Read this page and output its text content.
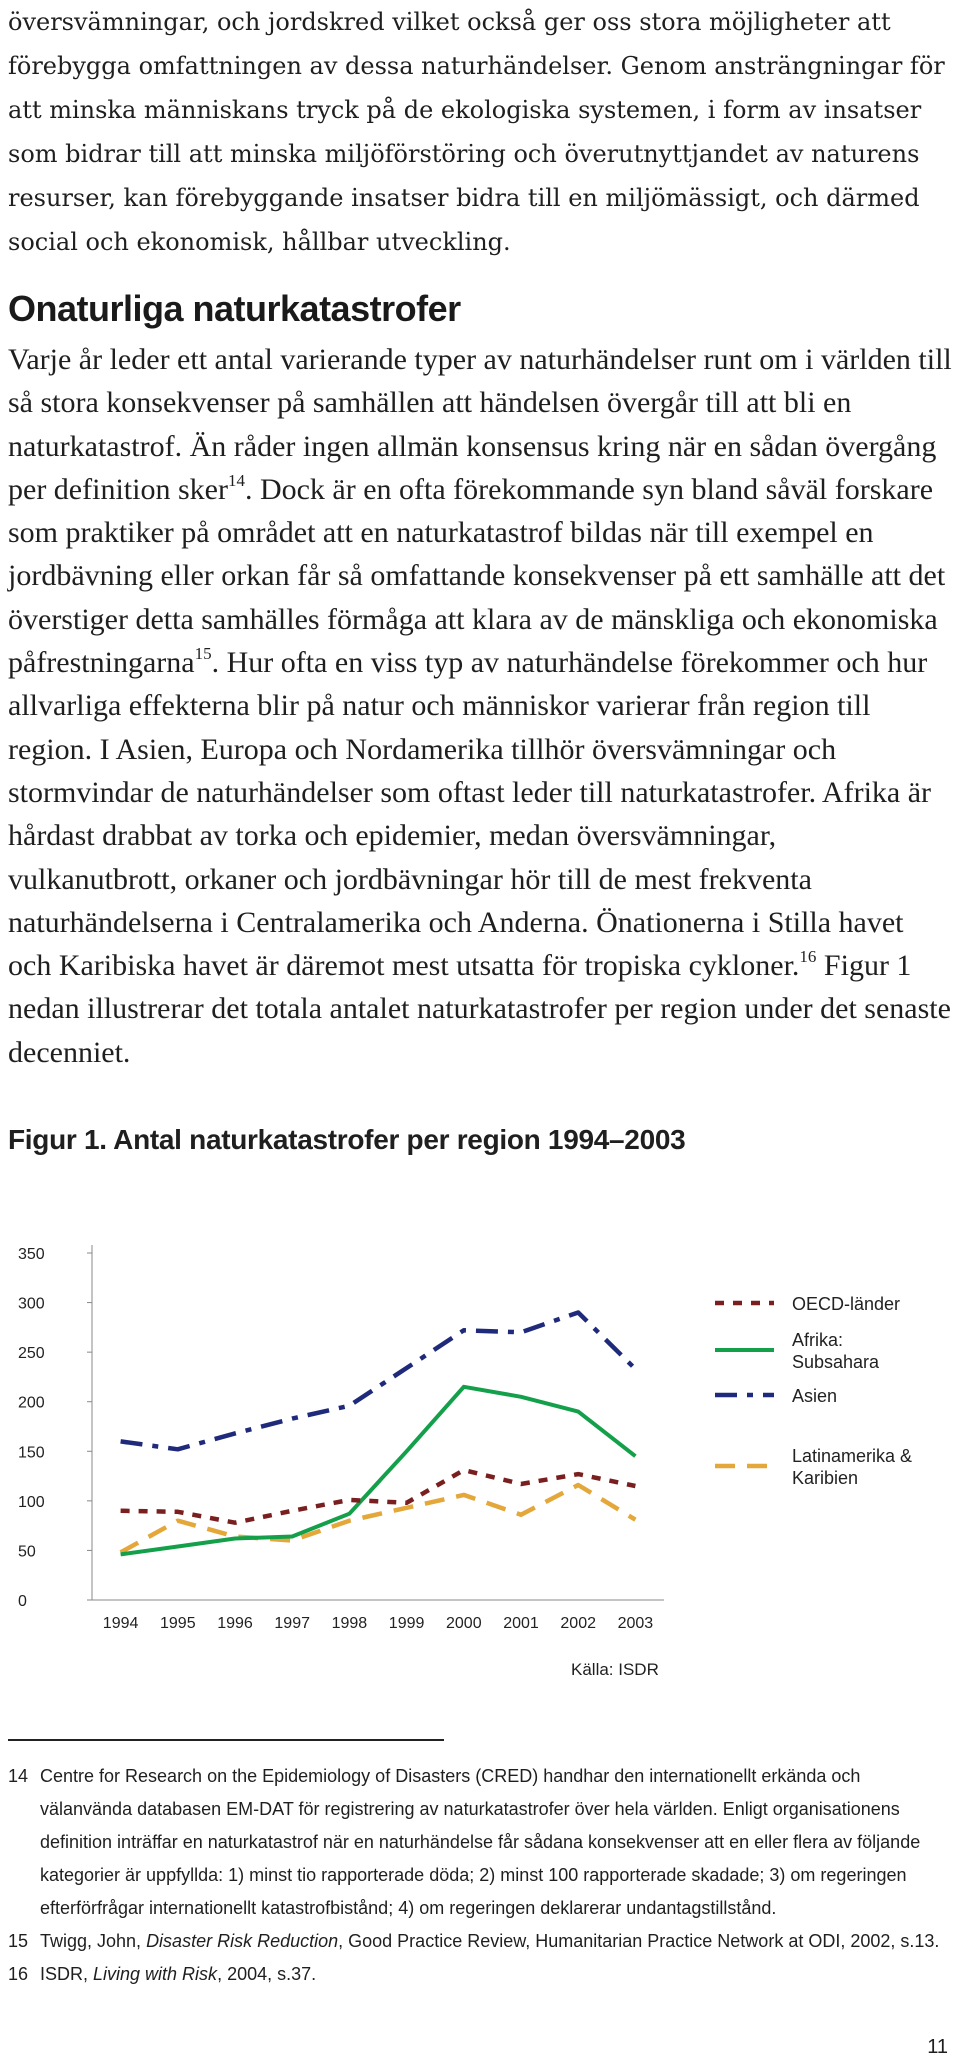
översvämningar, och jordskred vilket också ger oss stora möjligheter att förebygga omfattningen av dessa naturhändelser. Genom ansträngningar för att minska människans tryck på de ekologiska systemen, i form av insatser som bidrar till att minska miljöförstöring och överutnyttjandet av naturens resurser, kan förebyggande insatser bidra till en miljömässigt, och därmed social och ekonomisk, hållbar utveckling.

Onaturliga naturkatastrofer

Varje år leder ett antal varierande typer av naturhändelser runt om i världen till så stora konsekvenser på samhällen att händelsen övergår till att bli en naturkatastrof. Än råder ingen allmän konsensus kring när en sådan övergång per definition sker$^{14}$. Dock är en ofta förekommande syn bland såväl forskare som praktiker på området att en naturkatastrof bildas när till exempel en jordbävning eller orkan får så omfattande konsekvenser på ett samhälle att det överstiger detta samhälles förmåga att klara av de mänskliga och ekonomiska påfrestningarna$^{15}$. Hur ofta en viss typ av naturhändelse förekommer och hur allvarliga effekterna blir på natur och människor varierar från region till region. I Asien, Europa och Nordamerika tillhör översvämningar och stormvindar de naturhändelser som oftast leder till naturkatastrofer. Afrika är hårdast drabbat av torka och epidemier, medan översvämningar, vulkanutbrott, orkaner och jordbävningar hör till de mest frekventa naturhändelserna i Centralamerika och Anderna. Önationerna i Stilla havet och Karibiska havet är däremot mest utsatta för tropiska cykloner.$^{16}$ Figur 1 nedan illustrerar det totala antalet naturkatastrofer per region under det senaste decenniet.

Figur 1. Antal naturkatastrofer per region 1994–2003
0
50
100
150
200
250
300
350
1994 1995 1996 1997 1998 1999 2000 2001 2002 2003
OECD-länder
Afrika: Subsahara
Asien
Latinamerika & Karibien
Källa: ISDR
14 Centre for Research on the Epidemiology of Disasters (CRED) handhar den internationellt erkända och välanvända databasen EM-DAT för registrering av naturkatastrofer över hela världen. Enligt organisationens definition inträffar en naturkatastrof när en naturhändelse får sådana konsekvenser att en eller flera av följande kategorier är uppfyllda: 1) minst tio rapporterade döda; 2) minst 100 rapporterade skadade; 3) om regeringen efterförfrågar internationellt katastrofbistånd; 4) om regeringen deklarerar undantagstillstånd.
15 Twigg, John, Disaster Risk Reduction, Good Practice Review, Humanitarian Practice Network at ODI, 2002, s.13.
16 ISDR, Living with Risk, 2004, s.37.
11
